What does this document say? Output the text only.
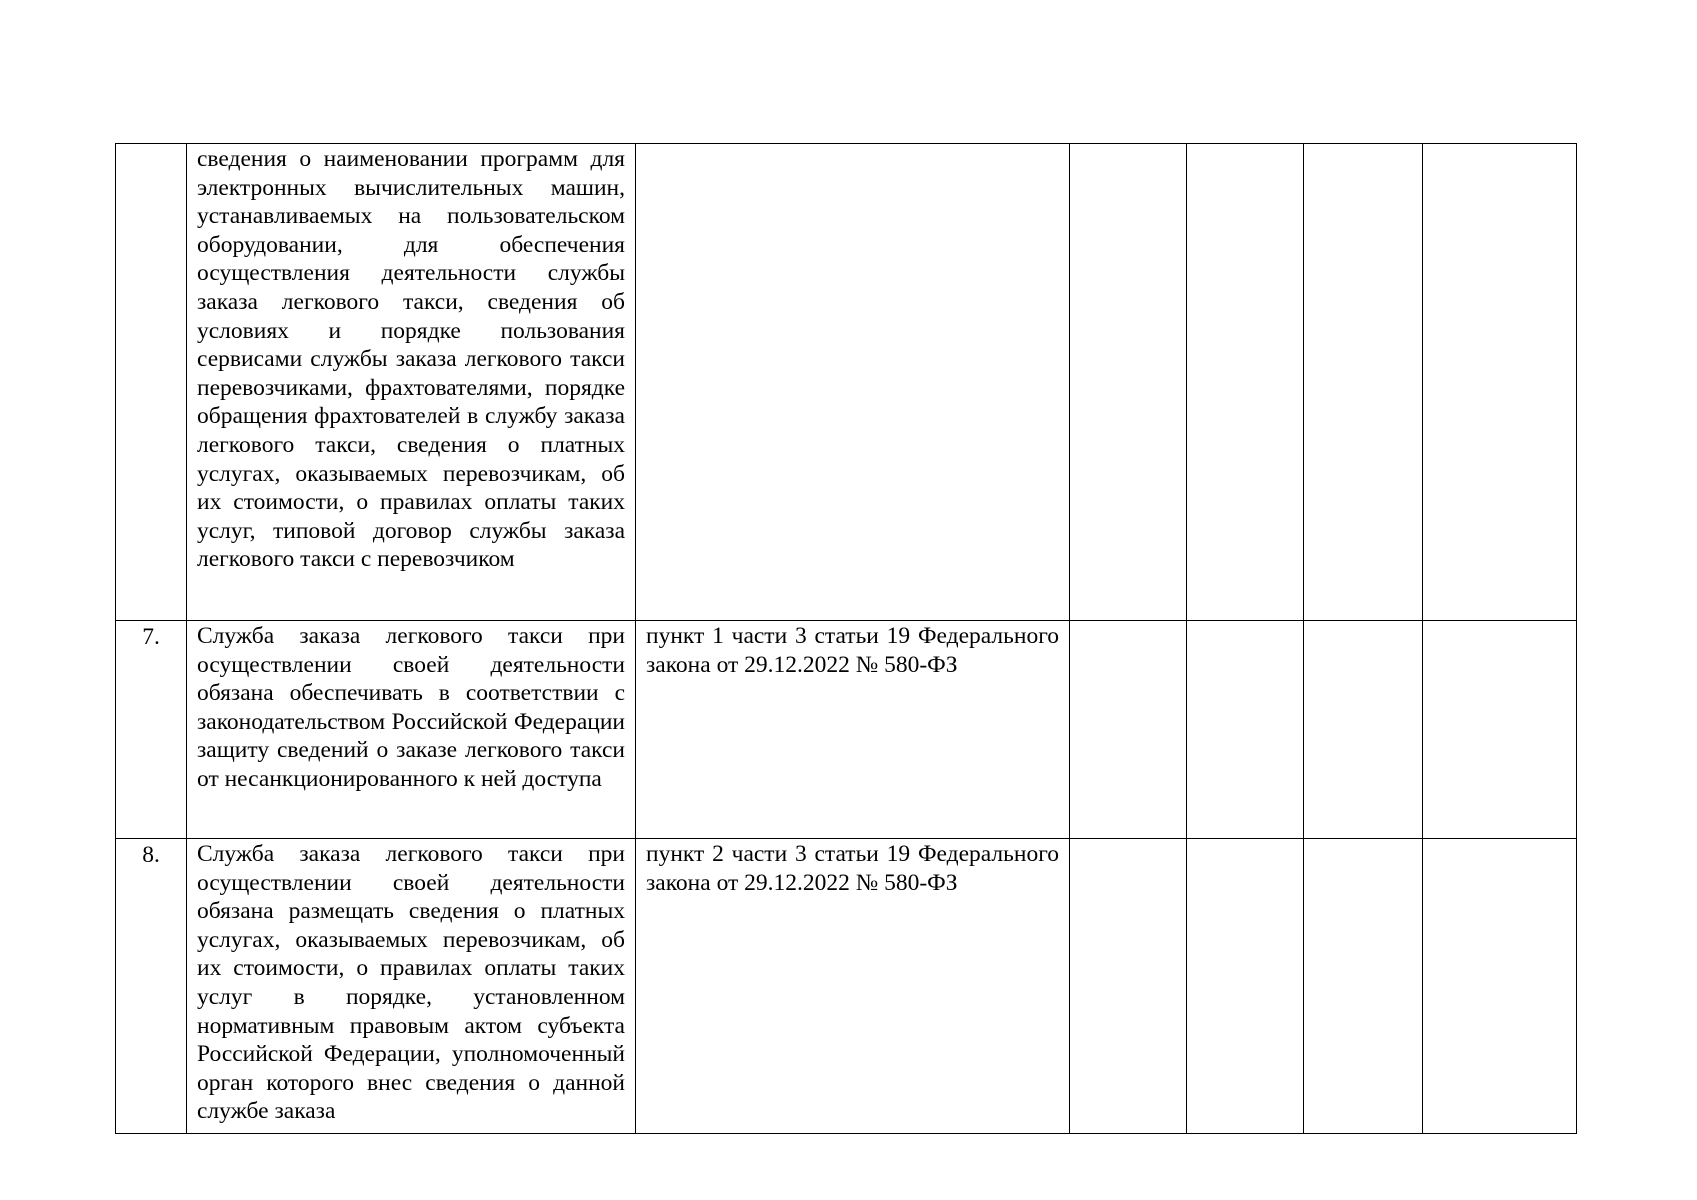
	сведения о наименовании программ для электронных вычислительных машин, устанавливаемых на пользовательском оборудовании, для обеспечения осуществления деятельности службы заказа легкового такси, сведения об условиях и порядке пользования сервисами службы заказа легкового такси перевозчиками, фрахтователями, порядке обращения фрахтователей в службу заказа легкового такси, сведения о платных услугах, оказываемых перевозчикам, об их стоимости, о правилах оплаты таких услуг, типовой договор службы заказа легкового такси с перевозчиком					

7.	Служба заказа легкового такси при осуществлении своей деятельности обязана обеспечивать в соответствии с законодательством Российской Федерации защиту сведений о заказе легкового такси от несанкционированного к ней доступа	пункт 1 части 3 статьи 19 Федерального закона от 29.12.2022 № 580-ФЗ				

8.	Служба заказа легкового такси при осуществлении своей деятельности обязана размещать сведения о платных услугах, оказываемых перевозчикам, об их стоимости, о правилах оплаты таких услуг в порядке, установленном нормативным правовым актом субъекта Российской Федерации, уполномоченный орган которого внес сведения о данной службе заказа	пункт 2 части 3 статьи 19 Федерального закона от 29.12.2022 № 580-ФЗ				
